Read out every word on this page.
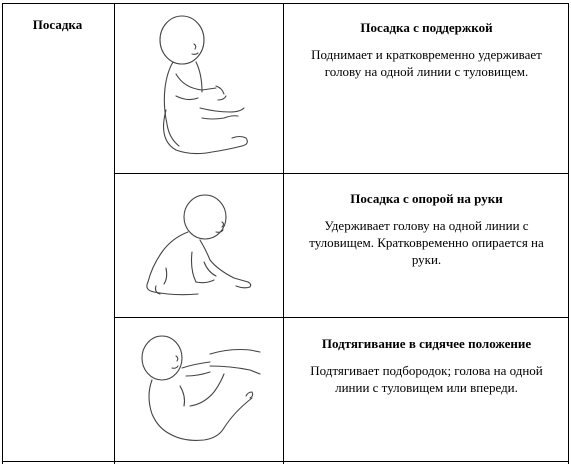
Посадка	Посадка с поддержкой
Поднимает и кратковременно удерживает голову на одной линии с туловищем.
Посадка с опорой на руки
Удерживает голову на одной линии с туловищем. Кратковременно опирается на руки.
Подтягивание в сидячее положение
Подтягивает подбородок; голова на одной линии с туловищем или впереди.
